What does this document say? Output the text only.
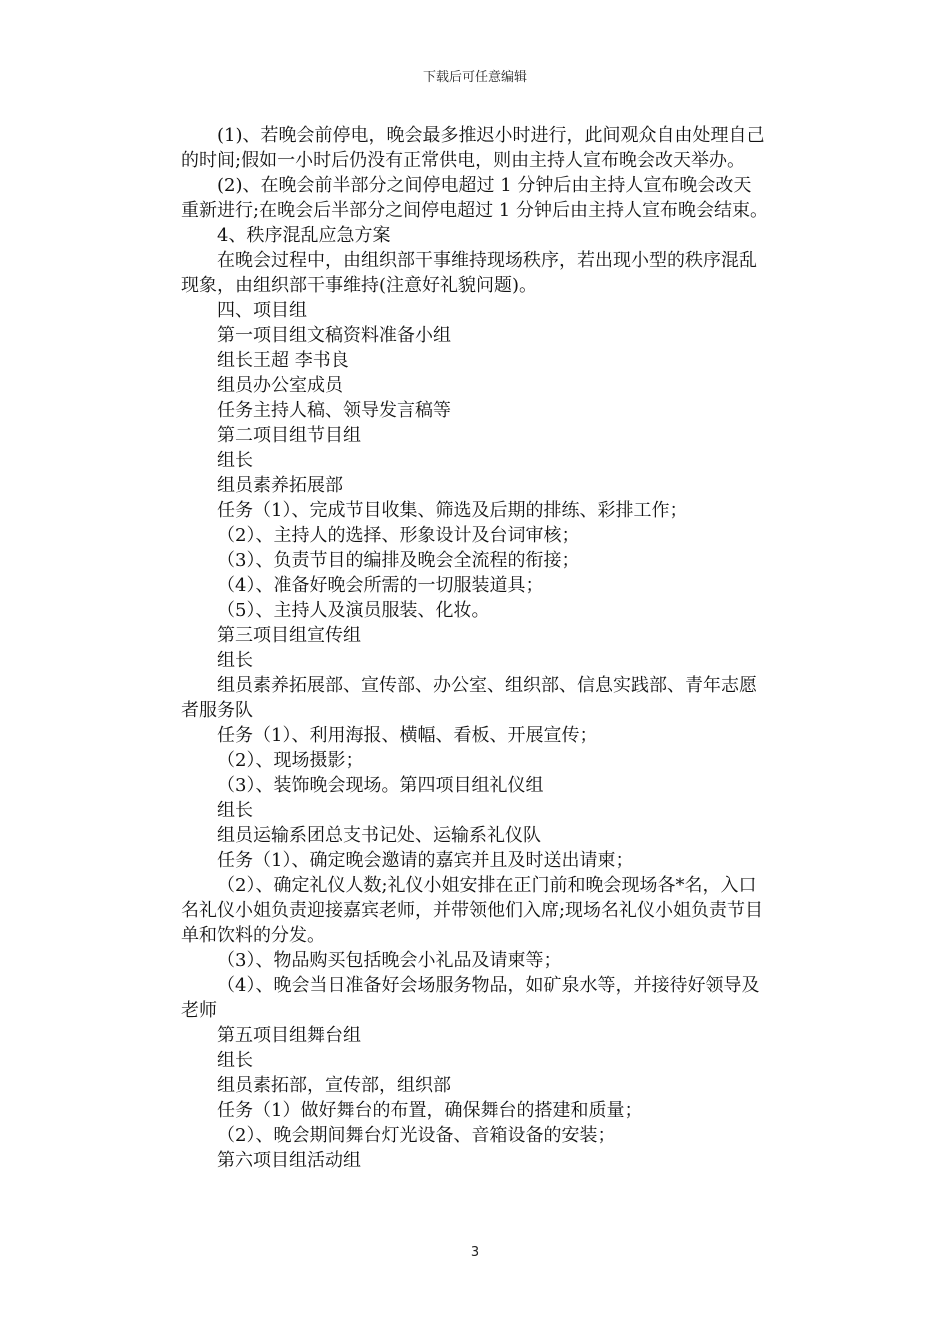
下载后可任意编辑

(1)、若晚会前停电，晚会最多推迟小时进行，此间观众自由处理自己的时间;假如一小时后仍没有正常供电，则由主持人宣布晚会改天举办。

(2)、在晚会前半部分之间停电超过 1 分钟后由主持人宣布晚会改天重新进行;在晚会后半部分之间停电超过 1 分钟后由主持人宣布晚会结束。

4、秩序混乱应急方案

在晚会过程中，由组织部干事维持现场秩序，若出现小型的秩序混乱现象，由组织部干事维持(注意好礼貌问题)。

四、项目组

第一项目组文稿资料准备小组

组长王超 李书良

组员办公室成员

任务主持人稿、领导发言稿等

第二项目组节目组

组长

组员素养拓展部

任务（1）、完成节目收集、筛选及后期的排练、彩排工作；

（2）、主持人的选择、形象设计及台词审核；

（3）、负责节目的编排及晚会全流程的衔接；

（4）、准备好晚会所需的一切服装道具；

（5）、主持人及演员服装、化妆。

第三项目组宣传组

组长

组员素养拓展部、宣传部、办公室、组织部、信息实践部、青年志愿者服务队

任务（1）、利用海报、横幅、看板、开展宣传；

（2）、现场摄影；

（3）、装饰晚会现场。第四项目组礼仪组

组长

组员运输系团总支书记处、运输系礼仪队

任务（1）、确定晚会邀请的嘉宾并且及时送出请柬；

（2）、确定礼仪人数;礼仪小姐安排在正门前和晚会现场各*名，入口名礼仪小姐负责迎接嘉宾老师，并带领他们入席;现场名礼仪小姐负责节目单和饮料的分发。

（3）、物品购买包括晚会小礼品及请柬等；

（4）、晚会当日准备好会场服务物品，如矿泉水等，并接待好领导及老师

第五项目组舞台组

组长

组员素拓部，宣传部，组织部

任务（1）做好舞台的布置，确保舞台的搭建和质量；

（2）、晚会期间舞台灯光设备、音箱设备的安装；

第六项目组活动组

3
